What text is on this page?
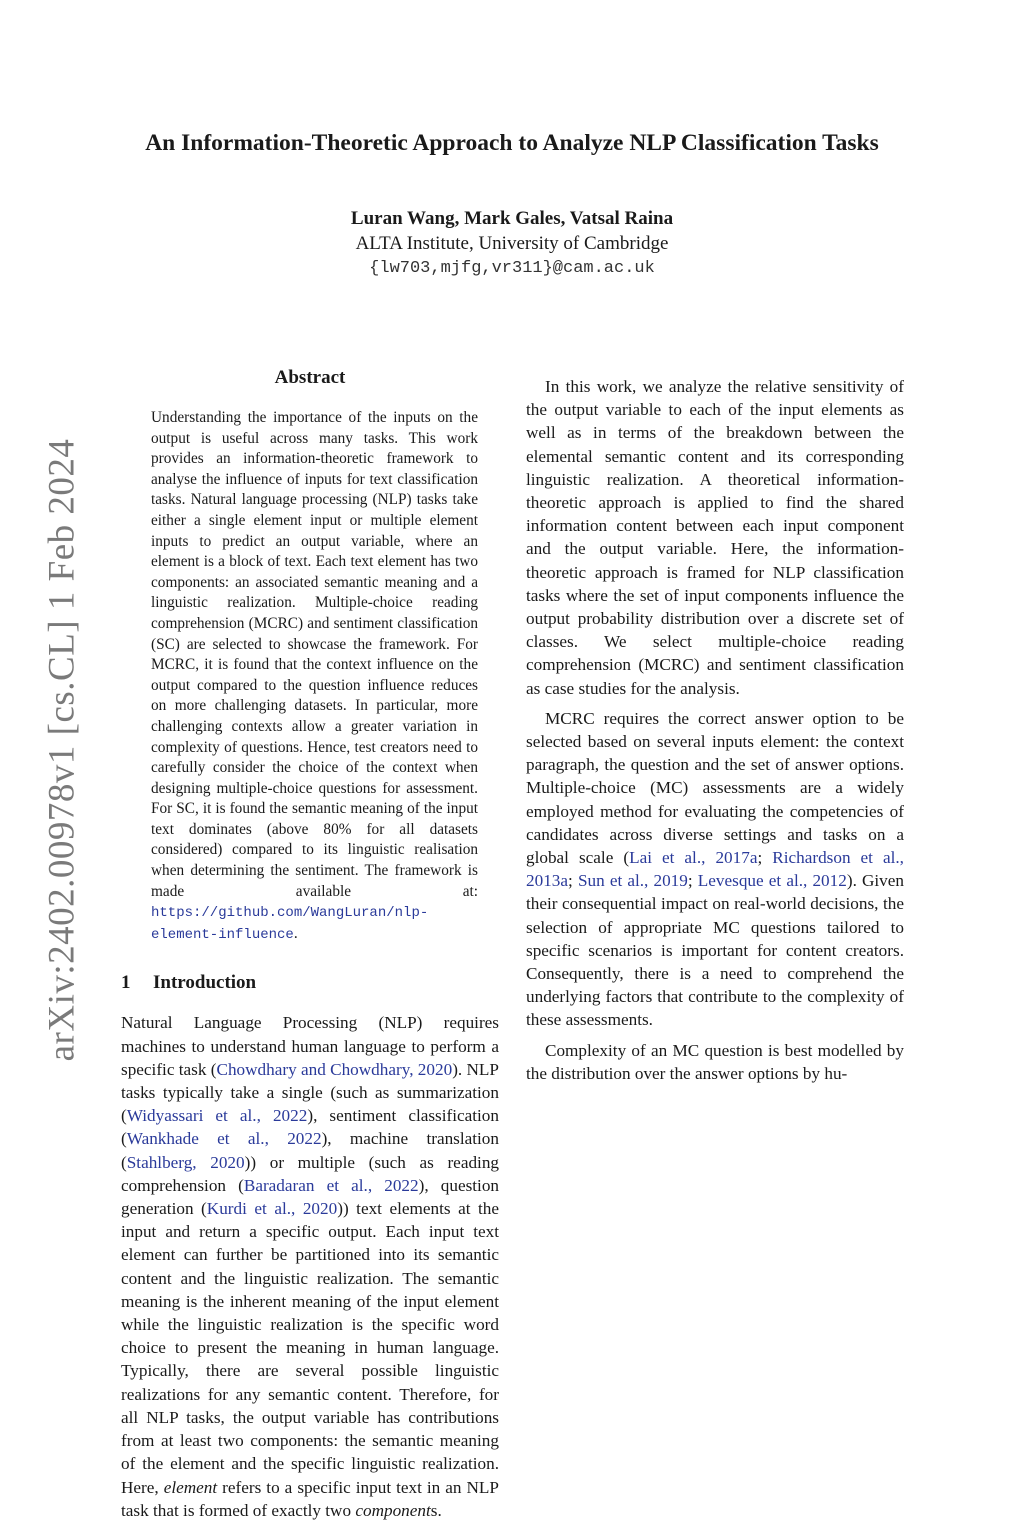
arXiv:2402.00978v1 [cs.CL] 1 Feb 2024
An Information-Theoretic Approach to Analyze NLP Classification Tasks
Luran Wang, Mark Gales, Vatsal Raina
ALTA Institute, University of Cambridge
{lw703,mjfg,vr311}@cam.ac.uk
Abstract
Understanding the importance of the inputs on the output is useful across many tasks. This work provides an information-theoretic framework to analyse the influence of inputs for text classification tasks. Natural language processing (NLP) tasks take either a single element input or multiple element inputs to predict an output variable, where an element is a block of text. Each text element has two components: an associated semantic meaning and a linguistic realization. Multiple-choice reading comprehension (MCRC) and sentiment classification (SC) are selected to showcase the framework. For MCRC, it is found that the context influence on the output compared to the question influence reduces on more challenging datasets. In particular, more challenging contexts allow a greater variation in complexity of questions. Hence, test creators need to carefully consider the choice of the context when designing multiple-choice questions for assessment. For SC, it is found the semantic meaning of the input text dominates (above 80% for all datasets considered) compared to its linguistic realisation when determining the sentiment. The framework is made available at: https://github.com/WangLuran/nlp-element-influence.
1 Introduction

Natural Language Processing (NLP) requires machines to understand human language to perform a specific task (Chowdhary and Chowdhary, 2020). NLP tasks typically take a single (such as summarization (Widyassari et al., 2022), sentiment classification (Wankhade et al., 2022), machine translation (Stahlberg, 2020)) or multiple (such as reading comprehension (Baradaran et al., 2022), question generation (Kurdi et al., 2020)) text elements at the input and return a specific output. Each input text element can further be partitioned into its semantic content and the linguistic realization. The semantic meaning is the inherent meaning of the input element while the linguistic realization is the specific word choice to present the meaning in human language. Typically, there are several possible linguistic realizations for any semantic content. Therefore, for all NLP tasks, the output variable has contributions from at least two components: the semantic meaning of the element and the specific linguistic realization. Here, element refers to a specific input text in an NLP task that is formed of exactly two components.

In this work, we analyze the relative sensitivity of the output variable to each of the input elements as well as in terms of the breakdown between the elemental semantic content and its corresponding linguistic realization. A theoretical information-theoretic approach is applied to find the shared information content between each input component and the output variable. Here, the information-theoretic approach is framed for NLP classification tasks where the set of input components influence the output probability distribution over a discrete set of classes. We select multiple-choice reading comprehension (MCRC) and sentiment classification as case studies for the analysis.

MCRC requires the correct answer option to be selected based on several inputs element: the context paragraph, the question and the set of answer options. Multiple-choice (MC) assessments are a widely employed method for evaluating the competencies of candidates across diverse settings and tasks on a global scale (Lai et al., 2017a; Richardson et al., 2013a; Sun et al., 2019; Levesque et al., 2012). Given their consequential impact on real-world decisions, the selection of appropriate MC questions tailored to specific scenarios is important for content creators. Consequently, there is a need to comprehend the underlying factors that contribute to the complexity of these assessments.

Complexity of an MC question is best modelled by the distribution over the answer options by hu-
